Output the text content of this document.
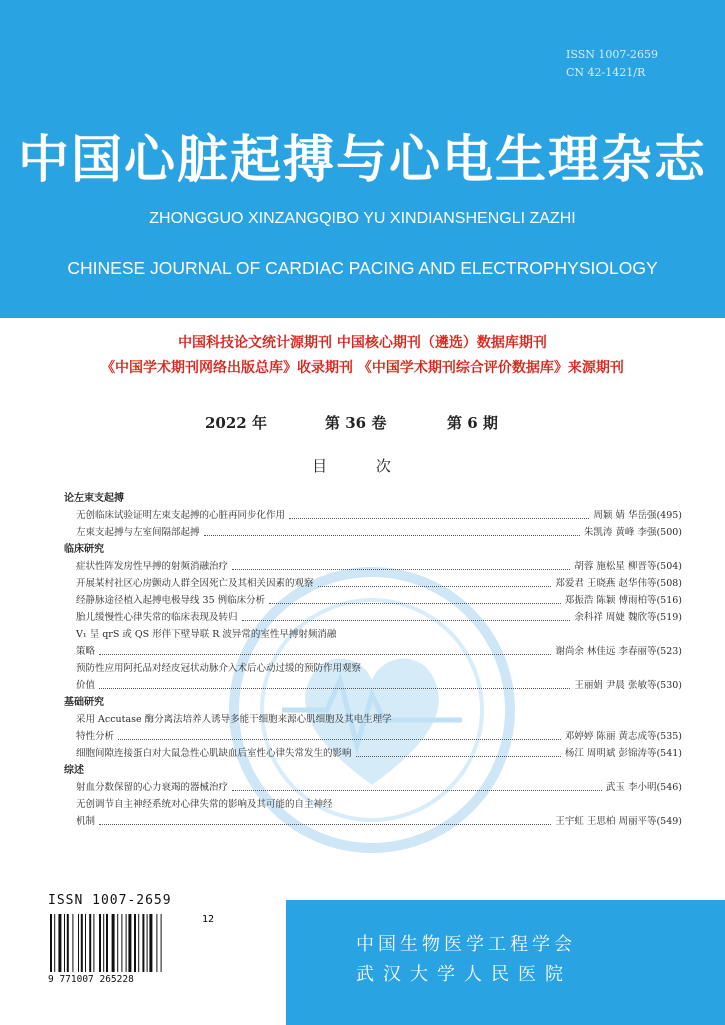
ISSN 1007-2659
CN 42-1421/R
中国心脏起搏与心电生理杂志
ZHONGGUO XINZANGQIBO YU XINDIANSHENGLI ZAZHI
CHINESE JOURNAL OF CARDIAC PACING AND ELECTROPHYSIOLOGY
中国科技论文统计源期刊 中国核心期刊（遴选）数据库期刊
《中国学术期刊网络出版总库》收录期刊 《中国学术期刊综合评价数据库》来源期刊
2022 年	第 36 卷	第 6 期
目 次
论左束支起搏
无创临床试验证明左束支起搏的心脏再同步化作用	周颖 婧 华岳强(495)
左束支起搏与左室间隔部起搏	朱凯涛 黄峰 李强(500)
临床研究
症状性阵发房性早搏的射频消融治疗	胡蓉 施松星 柳晋等(504)
开展某村社区心房颤动人群全因死亡及其相关因素的观察	郑爱君 王晓燕 赵华伟等(508)
经静脉途径植入起搏电极导线 35 例临床分析	郑振浩 陈颖 傅雨柏等(516)
胎儿缓慢性心律失常的临床表现及转归	余科祥 周婕 魏欣等(519)
V₁ 呈 qrS 或 QS 形伴下壁导联 R 波异常的室性早搏射频消融
策略	谢尚余 林佳远 李春丽等(523)
预防性应用阿托品对经皮冠状动脉介入术后心动过缓的预防作用观察
价值	王丽娟 尹晨 张敏等(530)
基础研究
采用 Accutase 酶分离法培养人诱导多能干细胞来源心肌细胞及其电生理学
特性分析	邓婷婷 陈丽 黄志成等(535)
细胞间隙连接蛋白对大鼠急性心肌缺血后室性心律失常发生的影响	杨江 周明斌 彭锦涛等(541)
综述
射血分数保留的心力衰竭的器械治疗	武玉 李小明(546)
无创调节自主神经系统对心律失常的影响及其可能的自主神经
机制	王宇虹 王思柏 周丽平等(549)
ISSN 1007-2659
12
9 771007 265228
中国生物医学工程学会
武汉大学人民医院
